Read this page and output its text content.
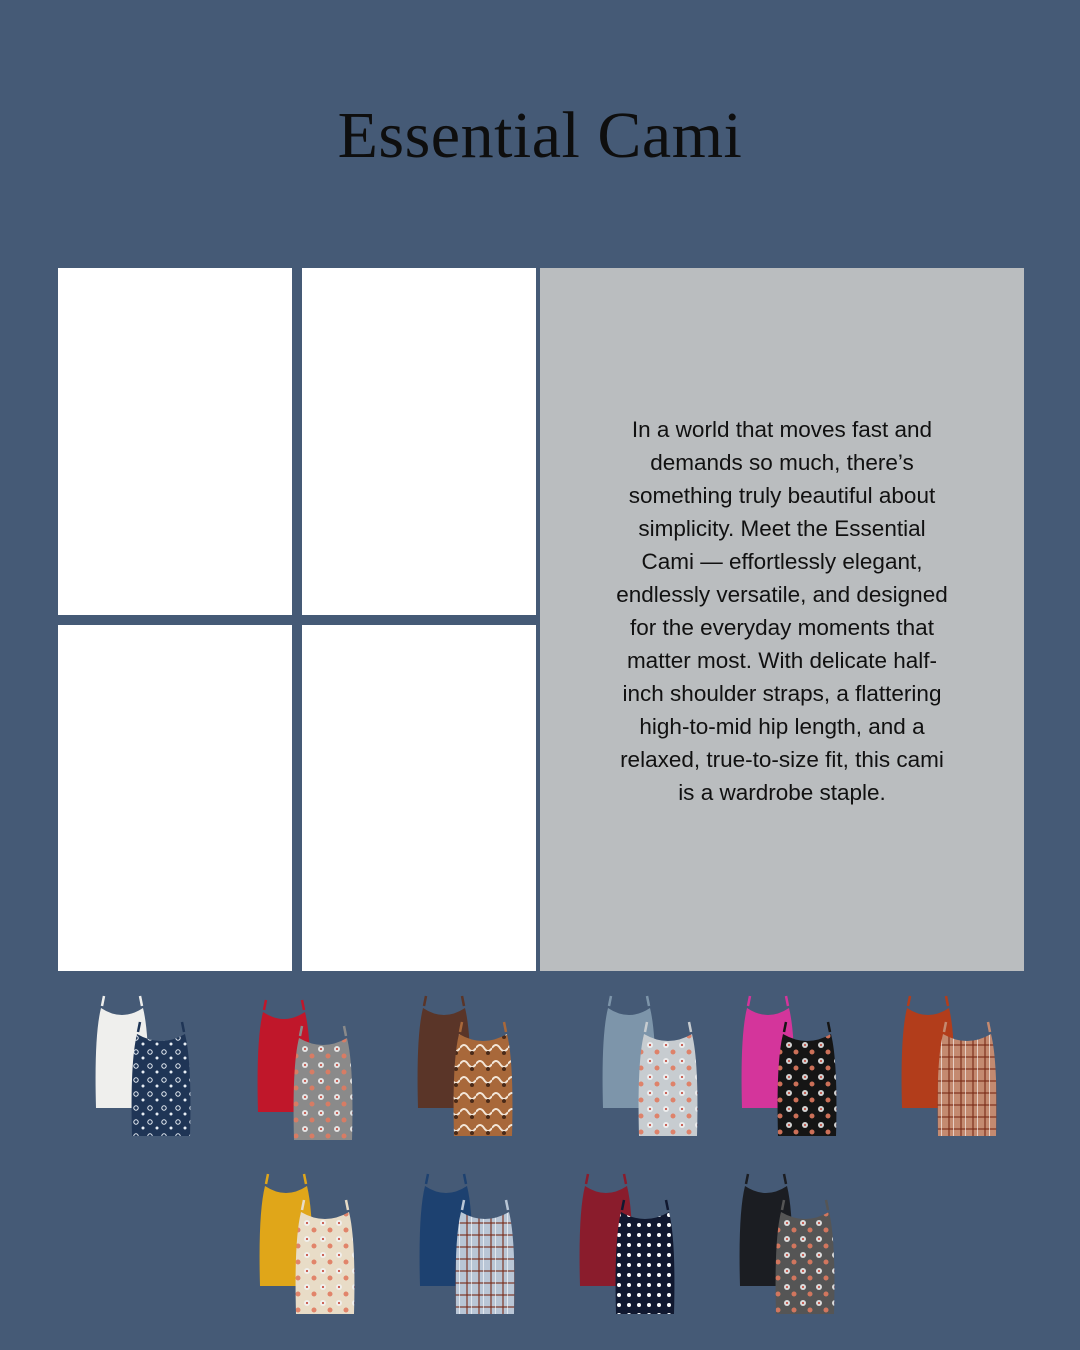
Essential Cami
In a world that moves fast and demands so much, there’s something truly beautiful about simplicity. Meet the Essential Cami — effortlessly elegant, endlessly versatile, and designed for the everyday moments that matter most. With delicate half-inch shoulder straps, a flattering high-to-mid hip length, and a relaxed, true-to-size fit, this cami is a wardrobe staple.
